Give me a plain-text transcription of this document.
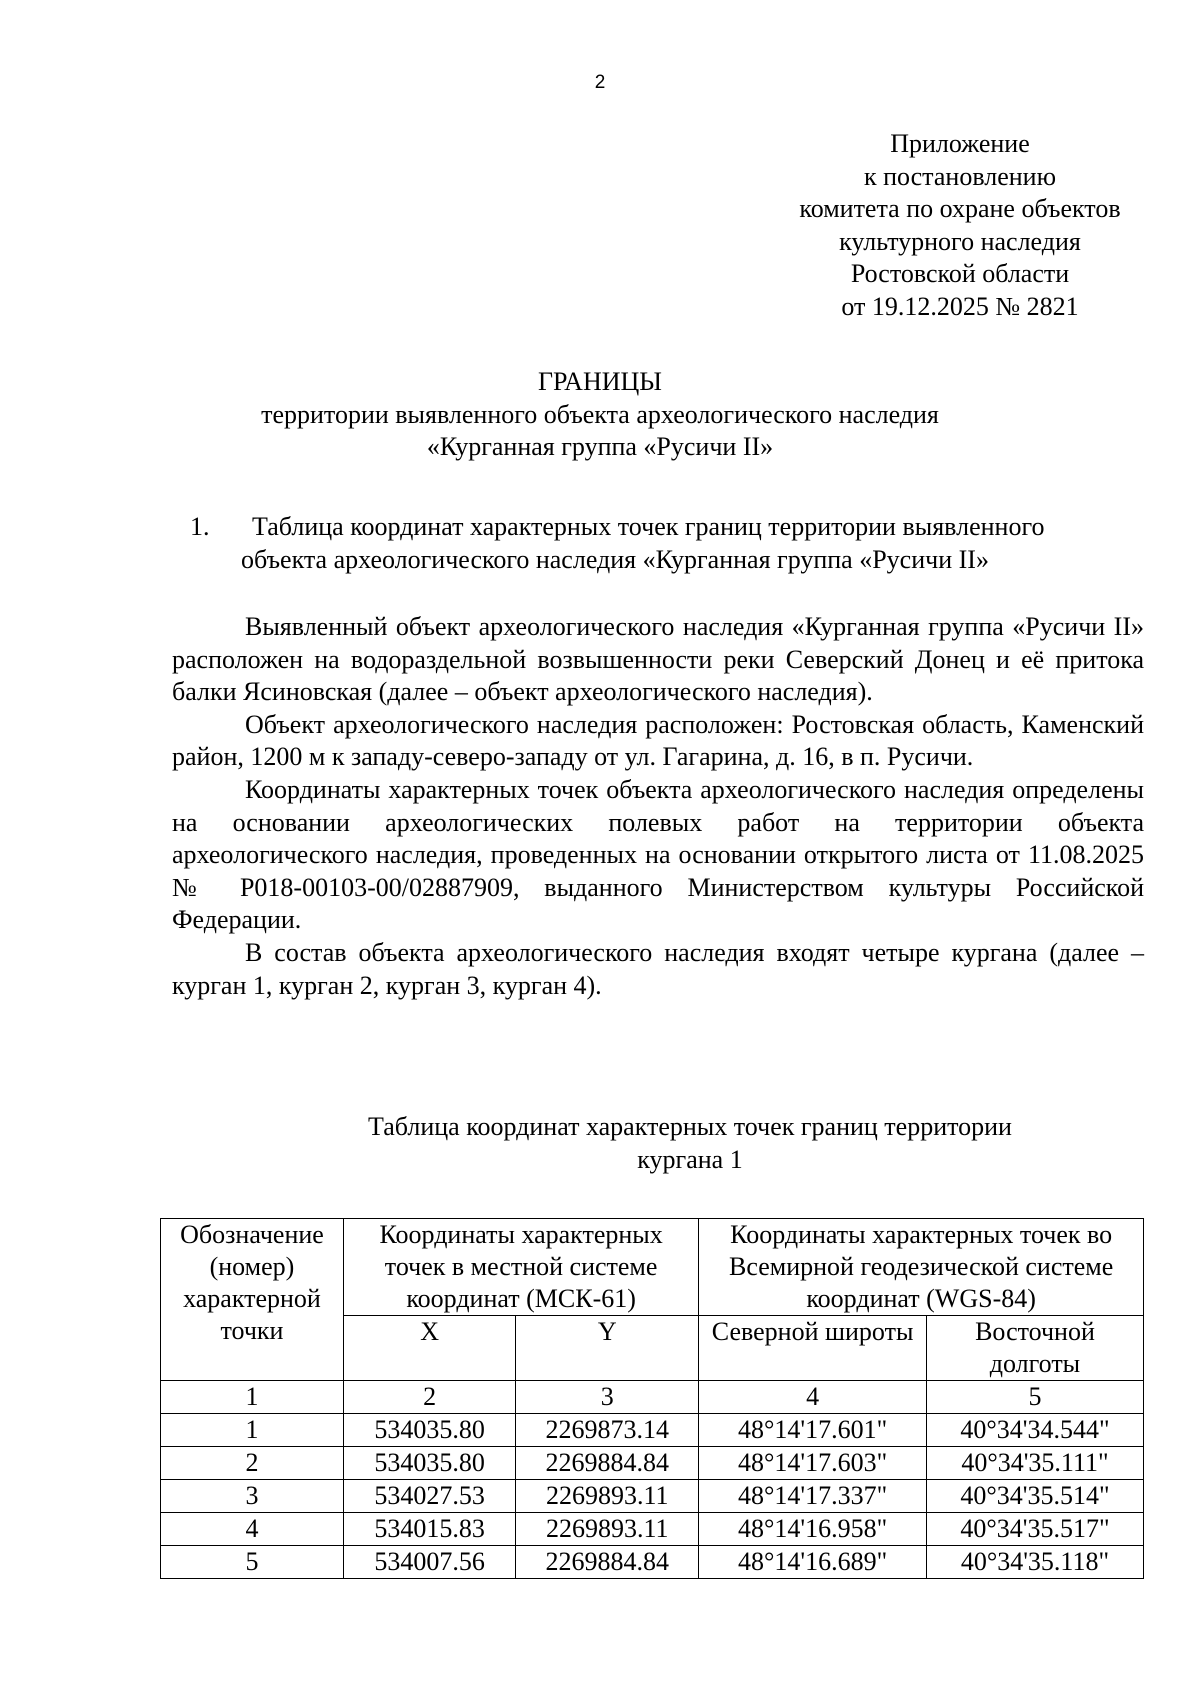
2
Приложение
к постановлению
комитета по охране объектов
культурного наследия
Ростовской области
от 19.12.2025 № 2821
ГРАНИЦЫ
территории выявленного объекта археологического наследия
«Курганная группа «Русичи II»
1.	Таблица координат характерных точек границ территории выявленного
объекта археологического наследия «Курганная группа «Русичи II»

Выявленный объект археологического наследия «Курганная группа «Русичи II» расположен на водораздельной возвышенности реки Северский Донец и её притока балки Ясиновская (далее – объект археологического наследия).

Объект археологического наследия расположен: Ростовская область, Каменский район, 1200 м к западу-северо-западу от ул. Гагарина, д. 16, в п. Русичи.

Координаты характерных точек объекта археологического наследия определены на основании археологических полевых работ на территории объекта археологического наследия, проведенных на основании открытого листа от 11.08.2025 № Р018-00103-00/02887909, выданного Министерством культуры Российской Федерации.

В состав объекта археологического наследия входят четыре кургана (далее – курган 1, курган 2, курган 3, курган 4).

Таблица координат характерных точек границ территории
кургана 1
Обозначение (номер) характерной точки	Координаты характерных точек в местной системе координат (МСК-61)		Координаты характерных точек во Всемирной геодезической системе координат (WGS-84)	
	X	Y	Северной широты	Восточной долготы
1	2	3	4	5
1	534035.80	2269873.14	48°14'17.601"	40°34'34.544"
2	534035.80	2269884.84	48°14'17.603"	40°34'35.111"
3	534027.53	2269893.11	48°14'17.337"	40°34'35.514"
4	534015.83	2269893.11	48°14'16.958"	40°34'35.517"
5	534007.56	2269884.84	48°14'16.689"	40°34'35.118"
